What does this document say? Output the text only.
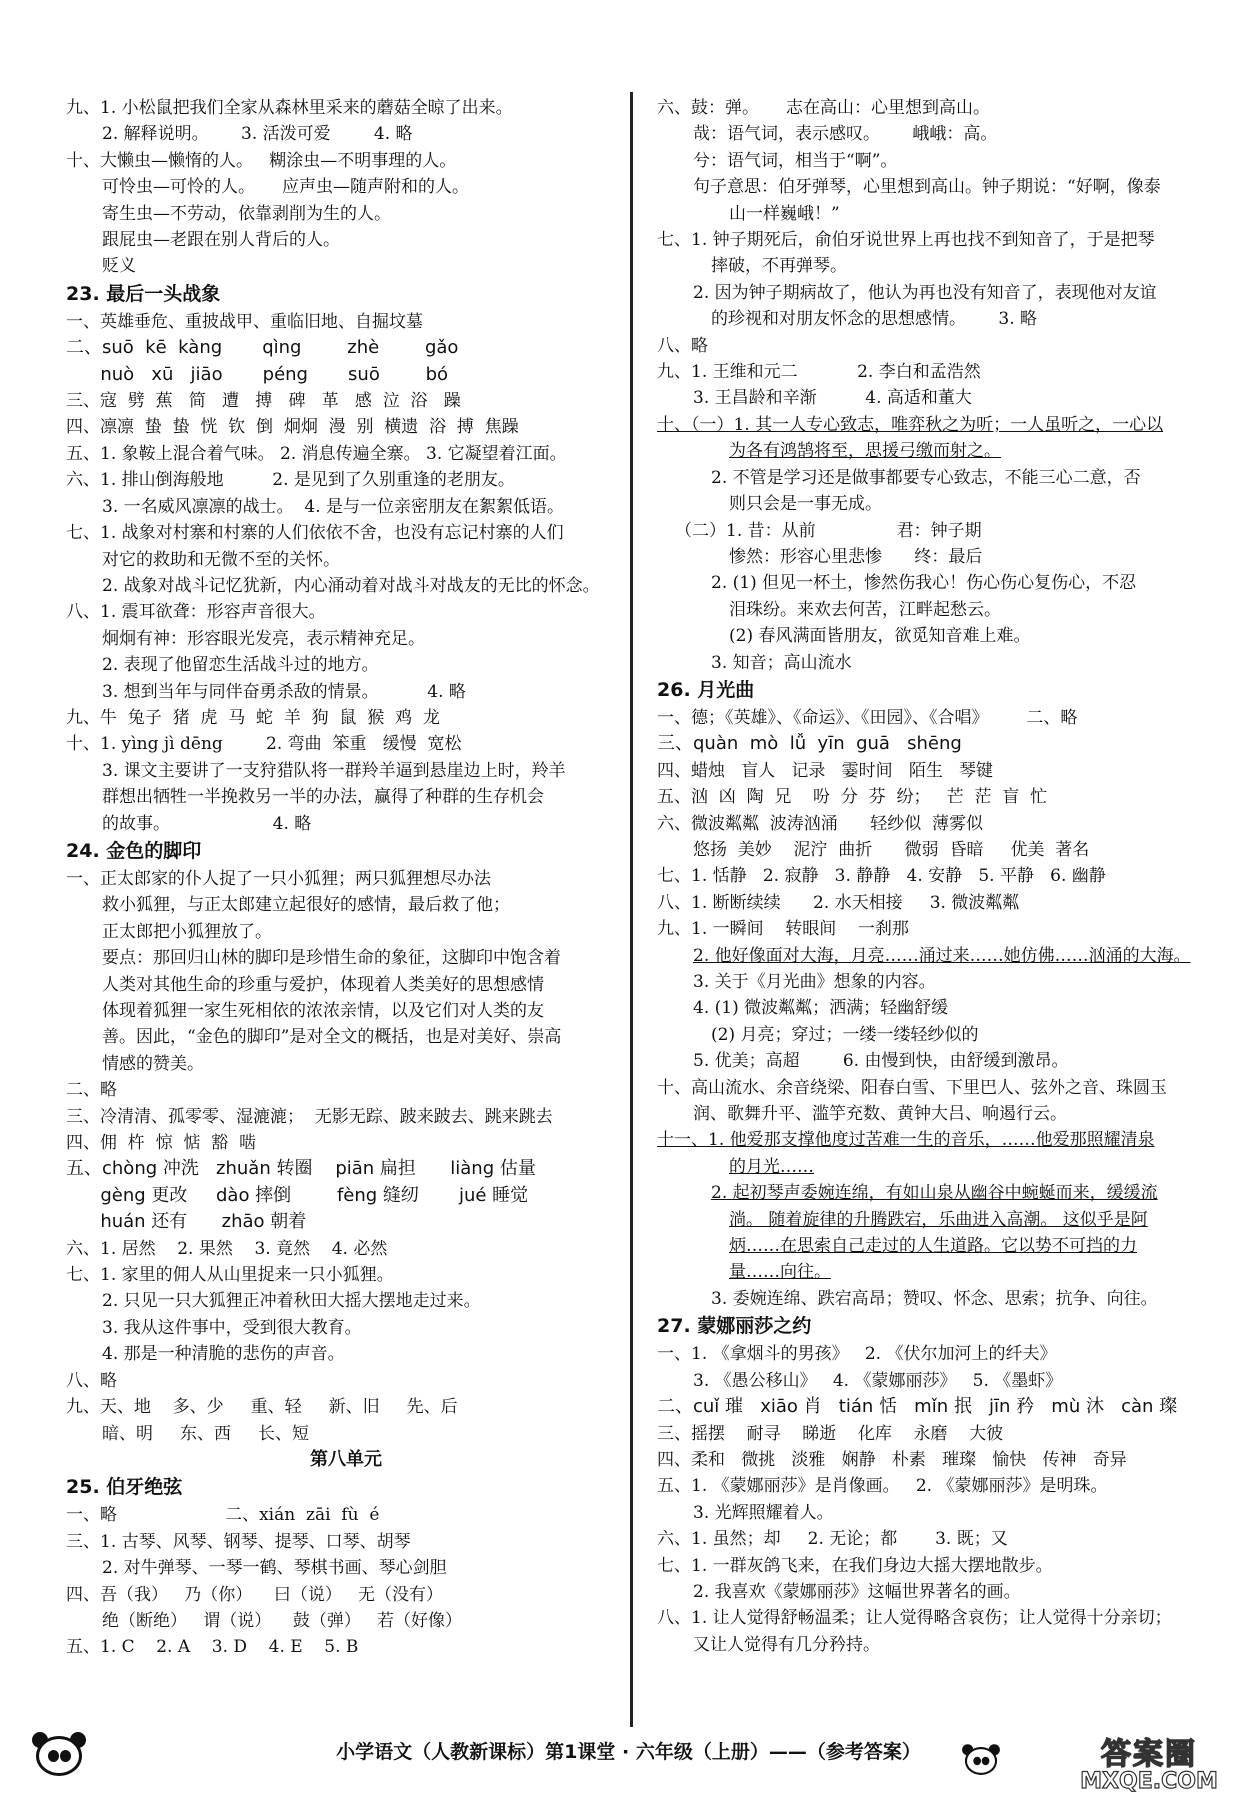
九、1. 小松鼠把我们全家从森林里采来的蘑菇全晾了出来。
2. 解释说明。      3. 活泼可爱        4. 略
十、大懒虫—懒惰的人。   糊涂虫—不明事理的人。
可怜虫—可怜的人。     应声虫—随声附和的人。
寄生虫—不劳动，依靠剥削为生的人。
跟屁虫—老跟在别人背后的人。
贬义
23. 最后一头战象
一、英雄垂危、重披战甲、重临旧地、自掘坟墓
二、suō  kē  kàng       qìng        zhè        gǎo
nuò   xū   jiāo       péng       suō        bó
三、寇  劈  蕉   简   遭   搏   碑   革   感  泣  浴   躁
四、凛凛  蛰  蛰  恍  钦  倒  炯炯  漫  别  横遗  浴  搏  焦躁
五、1. 象鞍上混合着气味。 2. 消息传遍全寨。 3. 它凝望着江面。
六、1. 排山倒海般地         2. 是见到了久别重逢的老朋友。
3. 一名威风凛凛的战士。  4. 是与一位亲密朋友在絮絮低语。
七、1. 战象对村寨和村寨的人们依依不舍，也没有忘记村寨的人们
对它的救助和无微不至的关怀。
2. 战象对战斗记忆犹新，内心涌动着对战斗对战友的无比的怀念。
八、1. 震耳欲聋：形容声音很大。
炯炯有神：形容眼光发亮，表示精神充足。
2. 表现了他留恋生活战斗过的地方。
3. 想到当年与同伴奋勇杀敌的情景。         4. 略
九、牛  兔子  猪  虎  马  蛇  羊  狗  鼠  猴  鸡  龙
十、1. yìng jì dēng        2. 弯曲  笨重   缓慢  宽松
3. 课文主要讲了一支狩猎队将一群羚羊逼到悬崖边上时，羚羊
群想出牺牲一半挽救另一半的办法，赢得了种群的生存机会
的故事。                   4. 略
24. 金色的脚印
一、正太郎家的仆人捉了一只小狐狸；两只狐狸想尽办法
救小狐狸，与正太郎建立起很好的感情，最后救了他；
正太郎把小狐狸放了。
要点：那回归山林的脚印是珍惜生命的象征，这脚印中饱含着
人类对其他生命的珍重与爱护，体现着人类美好的思想感情
体现着狐狸一家生死相依的浓浓亲情，以及它们对人类的友
善。因此，“金色的脚印”是对全文的概括，也是对美好、崇高
情感的赞美。
二、略
三、冷清清、孤零零、湿漉漉；  无影无踪、跛来跛去、跳来跳去
四、佣  杵  惊  惦  豁  啮
五、chòng 冲洗   zhuǎn 转圈    piān 扁担      liàng 估量
gèng 更改     dào 摔倒        fèng 缝纫       jué 睡觉
huán 还有      zhāo 朝着
六、1. 居然    2. 果然    3. 竟然    4. 必然
七、1. 家里的佣人从山里捉来一只小狐狸。
2. 只见一只大狐狸正冲着秋田大摇大摆地走过来。
3. 我从这件事中，受到很大教育。
4. 那是一种清脆的悲伤的声音。
八、略
九、天、地    多、少     重、轻     新、旧     先、后
暗、明     东、西     长、短
第八单元
25. 伯牙绝弦
一、略                    二、xián  zāi  fù  é
三、1. 古琴、风琴、钢琴、提琴、口琴、胡琴
2. 对牛弹琴、一琴一鹤、琴棋书画、琴心剑胆
四、吾（我）   乃（你）    曰（说）   无（没有）
绝（断绝）   谓（说）    鼓（弹）   若（好像）
五、1. C    2. A    3. D    4. E    5. B
六、鼓：弹。     志在高山：心里想到高山。
哉：语气词，表示感叹。      峨峨：高。
兮：语气词，相当于“啊”。
句子意思：伯牙弹琴，心里想到高山。钟子期说：“好啊，像泰
山一样巍峨！”
七、1. 钟子期死后，俞伯牙说世界上再也找不到知音了，于是把琴
摔破，不再弹琴。
2. 因为钟子期病故了，他认为再也没有知音了，表现他对友谊
的珍视和对朋友怀念的思想感情。      3. 略
八、略
九、1. 王维和元二           2. 李白和孟浩然
3. 王昌龄和辛渐         4. 高适和董大
十、（一）1. 其一人专心致志，唯弈秋之为听；一人虽听之，一心以
为各有鸿鹄将至，思援弓缴而射之。
2. 不管是学习还是做事都要专心致志，不能三心二意，否
则只会是一事无成。
（二）1. 昔：从前               君：钟子期
惨然：形容心里悲惨      终：最后
2. (1) 但见一杯土，惨然伤我心！伤心伤心复伤心，不忍
泪珠纷。来欢去何苦，江畔起愁云。
(2) 春风满面皆朋友，欲觅知音难上难。
3. 知音；高山流水
26. 月光曲
一、德；《英雄》、《命运》、《田园》、《合唱》       二、略
三、quàn  mò  lǚ  yīn  guā   shēng
四、蜡烛   盲人   记录   霎时间   陌生   琴键
五、汹  凶  陶  兄    吩  分  芬  纷；   芒  茫  盲  忙
六、微波粼粼  波涛汹涌      轻纱似  薄雾似
悠扬  美妙    泥泞  曲折      微弱  昏暗     优美  著名
七、1. 恬静   2. 寂静   3. 静静   4. 安静   5. 平静   6. 幽静
八、1. 断断续续      2. 水天相接     3. 微波粼粼
九、1. 一瞬间    转眼间    一刹那
2. 他好像面对大海，月亮……涌过来……她仿佛……汹涌的大海。
3. 关于《月光曲》想象的内容。
4. (1) 微波粼粼；洒满；轻幽舒缓
(2) 月亮；穿过；一缕一缕轻纱似的
5. 优美；高超        6. 由慢到快，由舒缓到激昂。
十、高山流水、余音绕梁、阳春白雪、下里巴人、弦外之音、珠圆玉
润、歌舞升平、滥竽充数、黄钟大吕、响遏行云。
十一、1. 他爱那支撑他度过苦难一生的音乐，……他爱那照耀清泉
的月光……
2. 起初琴声委婉连绵，有如山泉从幽谷中蜿蜒而来，缓缓流
淌。 随着旋律的升腾跌宕，乐曲进入高潮。 这似乎是阿
炳……在思索自己走过的人生道路。它以势不可挡的力
量……向往。
3. 委婉连绵、跌宕高昂；赞叹、怀念、思索；抗争、向往。
27. 蒙娜丽莎之约
一、1. 《拿烟斗的男孩》   2. 《伏尔加河上的纤夫》
3. 《愚公移山》   4. 《蒙娜丽莎》   5. 《墨虾》
二、cuǐ 璀   xiāo 肖   tián 恬   mǐn 抿   jīn 矜   mù 沐   càn 璨
三、摇摆    耐寻    睇逝    化库    永磨    大彼
四、柔和   微挑   淡雅   娴静   朴素   璀璨   愉快   传神   奇异
五、1. 《蒙娜丽莎》是肖像画。   2. 《蒙娜丽莎》是明珠。
3. 光辉照耀着人。
六、1. 虽然；却     2. 无论；都       3. 既；又
七、1. 一群灰鸽飞来，在我们身边大摇大摆地散步。
2. 我喜欢《蒙娜丽莎》这幅世界著名的画。
八、1. 让人觉得舒畅温柔；让人觉得略含哀伤；让人觉得十分亲切；
又让人觉得有几分矜持。
小学语文（人教新课标）第1课堂 · 六年级（上册）——（参考答案）	答案圈
MXQE.COM
